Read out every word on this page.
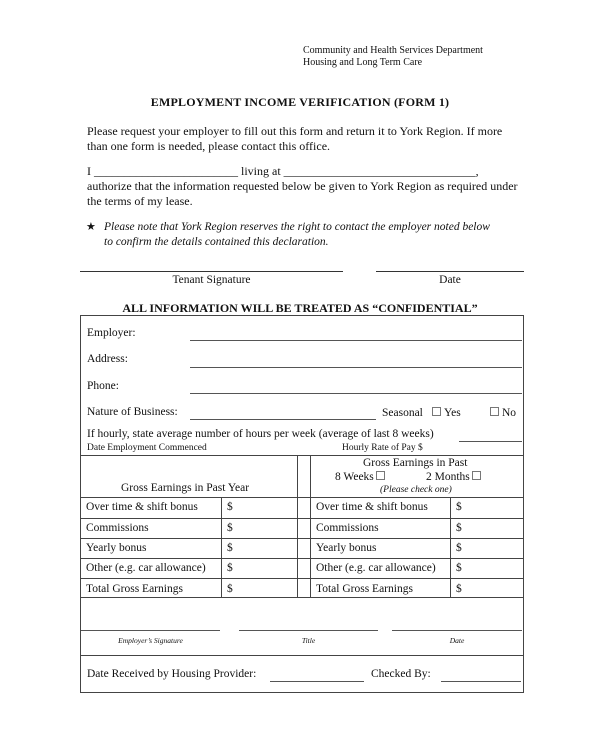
Community and Health Services Department
Housing and Long Term Care
EMPLOYMENT INCOME VERIFICATION (FORM 1)
Please request your employer to fill out this form and return it to York Region. If more
than one form is needed, please contact this office.
I ________________________ living at ________________________________,
authorize that the information requested below be given to York Region as required under
the terms of my lease.
★ Please note that York Region reserves the right to contact the employer noted below
to confirm the details contained this declaration.
Tenant Signature	Date
ALL INFORMATION WILL BE TREATED AS “CONFIDENTIAL”
Employer:
Address:
Phone:
Nature of Business:	Seasonal	Yes	No
If hourly, state average number of hours per week (average of last 8 weeks)
Date Employment Commenced	Hourly Rate of Pay $
Gross Earnings in Past Year
Gross Earnings in Past
8 Weeks	2 Months
(Please check one)
Over time & shift bonus	$	Over time & shift bonus $
Commissions	$	Commissions	$
Yearly bonus	$	Yearly bonus	$
Other (e.g. car allowance) $	Other (e.g. car allowance) $
Total Gross Earnings	$	Total Gross Earnings	$
Employer’s Signature	Title	Date
Date Received by Housing Provider:	Checked By:
